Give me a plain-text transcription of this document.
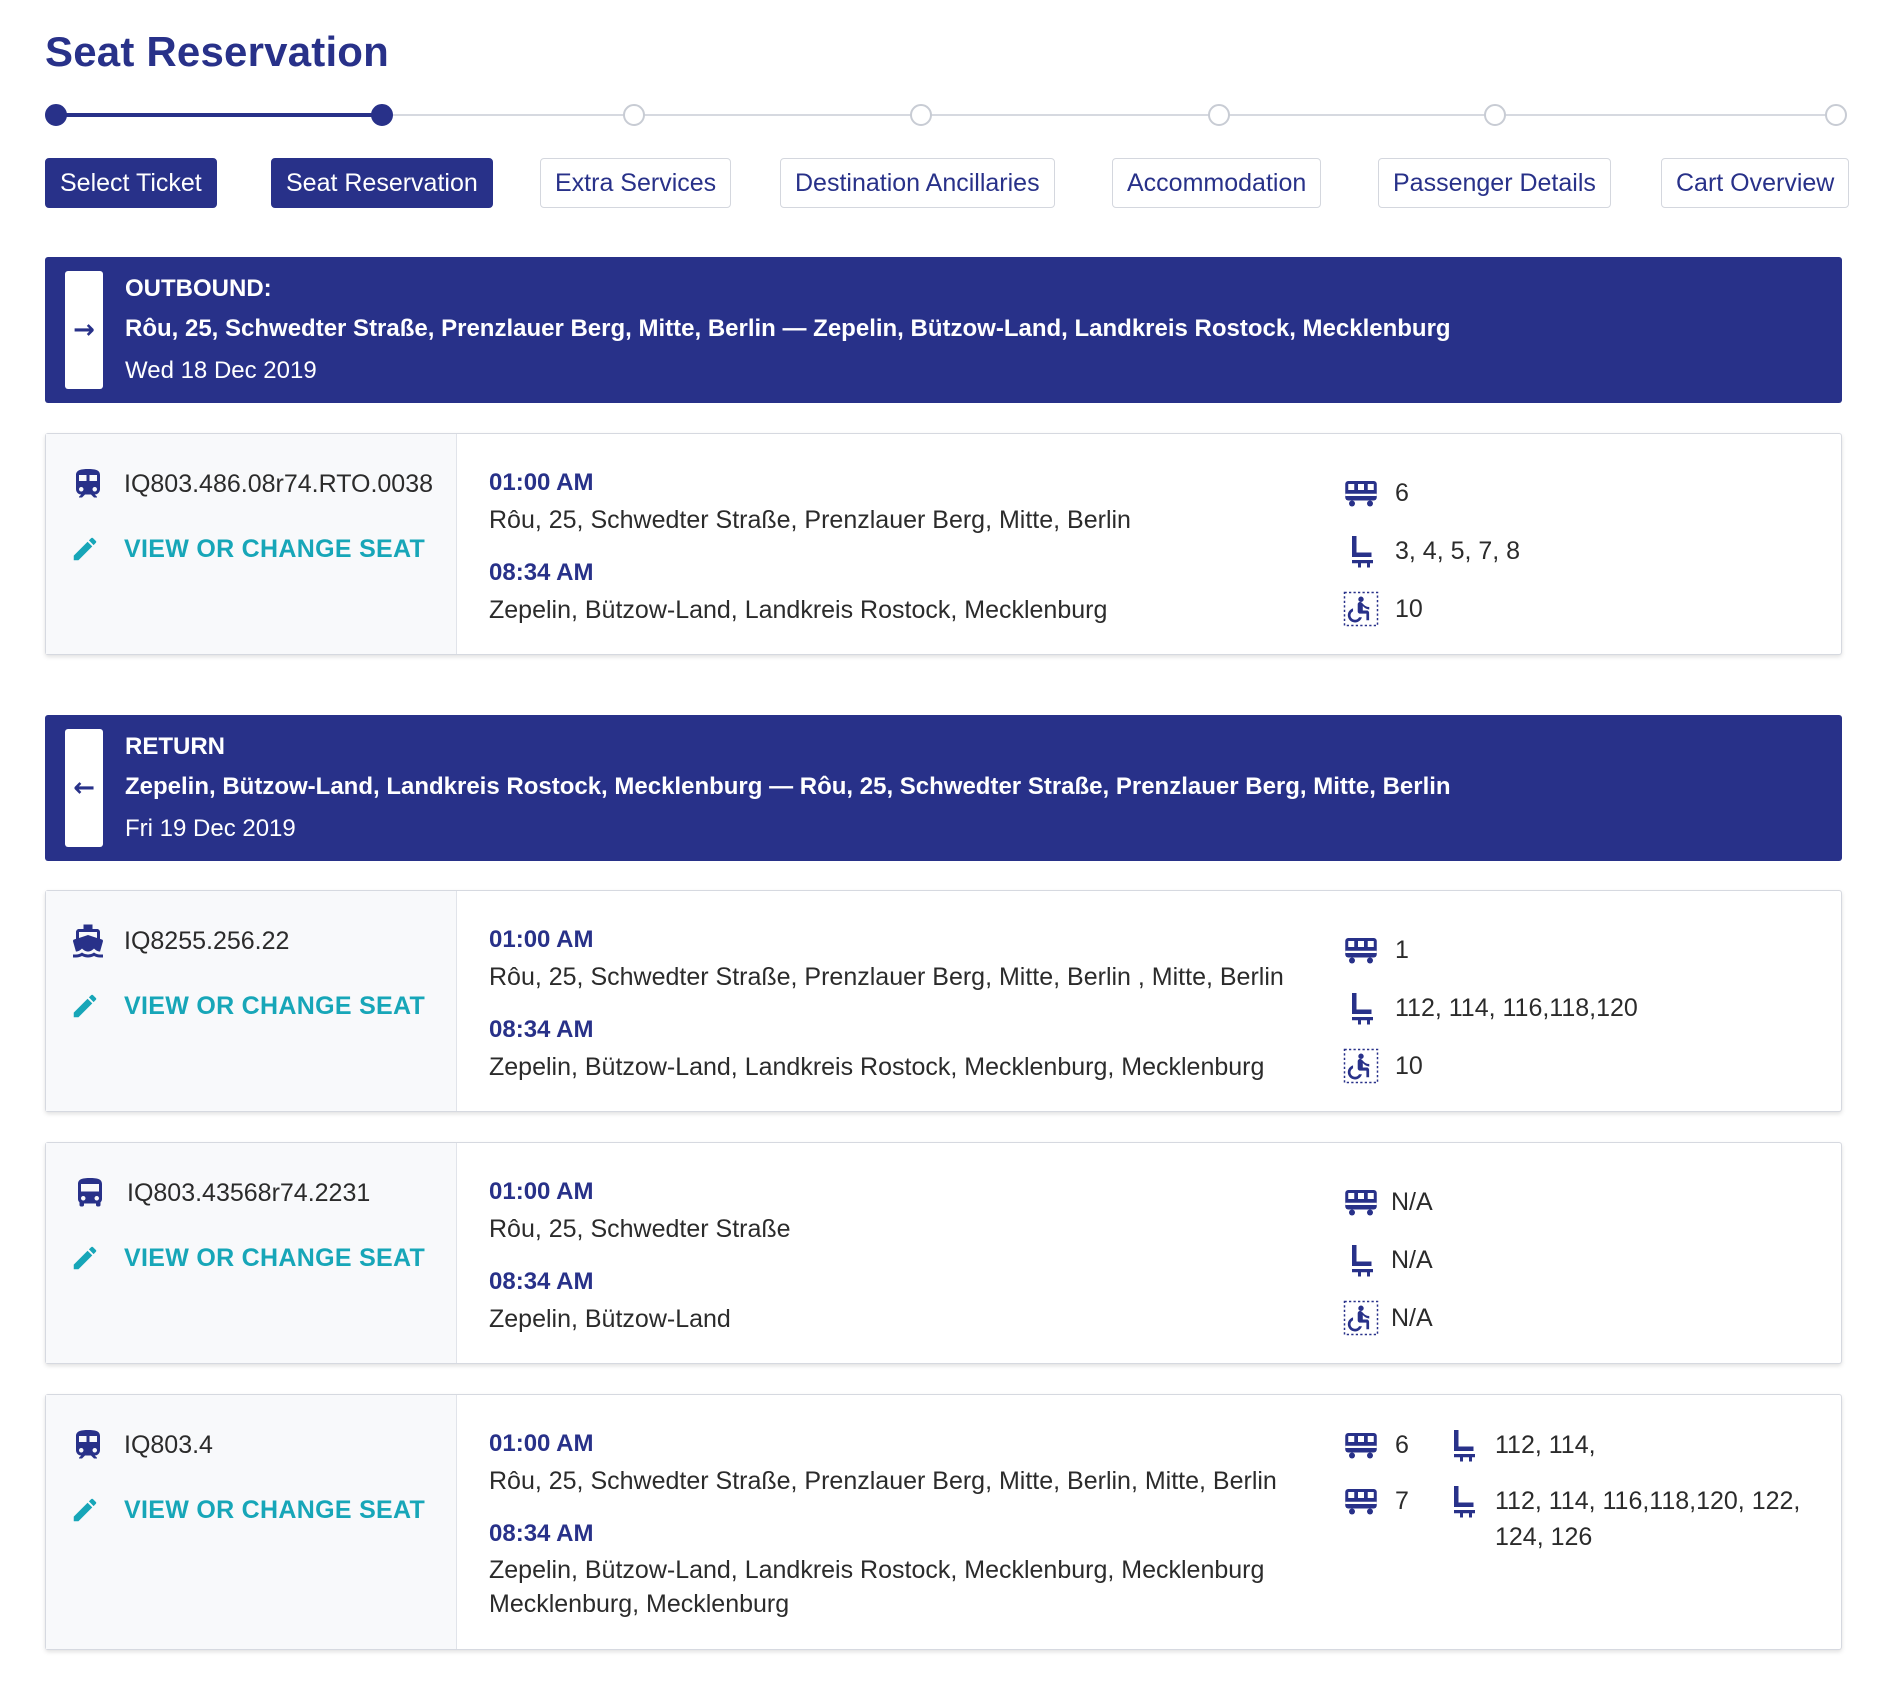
Seat Reservation
Select Ticket	Seat Reservation	Extra Services	Destination Ancillaries	Accommodation	Passenger Details	Cart Overview
→
OUTBOUND:
Rôu, 25, Schwedter Straße, Prenzlauer Berg, Mitte, Berlin — Zepelin, Bützow-Land, Landkreis Rostock, Mecklenburg
Wed 18 Dec 2019
IQ803.486.08r74.RTO.0038
VIEW OR CHANGE SEAT
01:00 AM
Rôu, 25, Schwedter Straße, Prenzlauer Berg, Mitte, Berlin
08:34 AM
Zepelin, Bützow-Land, Landkreis Rostock, Mecklenburg
6
3, 4, 5, 7, 8
10
←
RETURN
Zepelin, Bützow-Land, Landkreis Rostock, Mecklenburg — Rôu, 25, Schwedter Straße, Prenzlauer Berg, Mitte, Berlin
Fri 19 Dec 2019
IQ8255.256.22
VIEW OR CHANGE SEAT
01:00 AM
Rôu, 25, Schwedter Straße, Prenzlauer Berg, Mitte, Berlin , Mitte, Berlin
08:34 AM
Zepelin, Bützow-Land, Landkreis Rostock, Mecklenburg, Mecklenburg
1
112, 114, 116,118,120
10
IQ803.43568r74.2231
VIEW OR CHANGE SEAT
01:00 AM
Rôu, 25, Schwedter Straße
08:34 AM
Zepelin, Bützow-Land
N/A
N/A
N/A
IQ803.4
VIEW OR CHANGE SEAT
01:00 AM
Rôu, 25, Schwedter Straße, Prenzlauer Berg, Mitte, Berlin, Mitte, Berlin
08:34 AM
Zepelin, Bützow-Land, Landkreis Rostock, Mecklenburg, Mecklenburg
Mecklenburg, Mecklenburg
6	112, 114,
7	112, 114, 116,118,120, 122, 124, 126
